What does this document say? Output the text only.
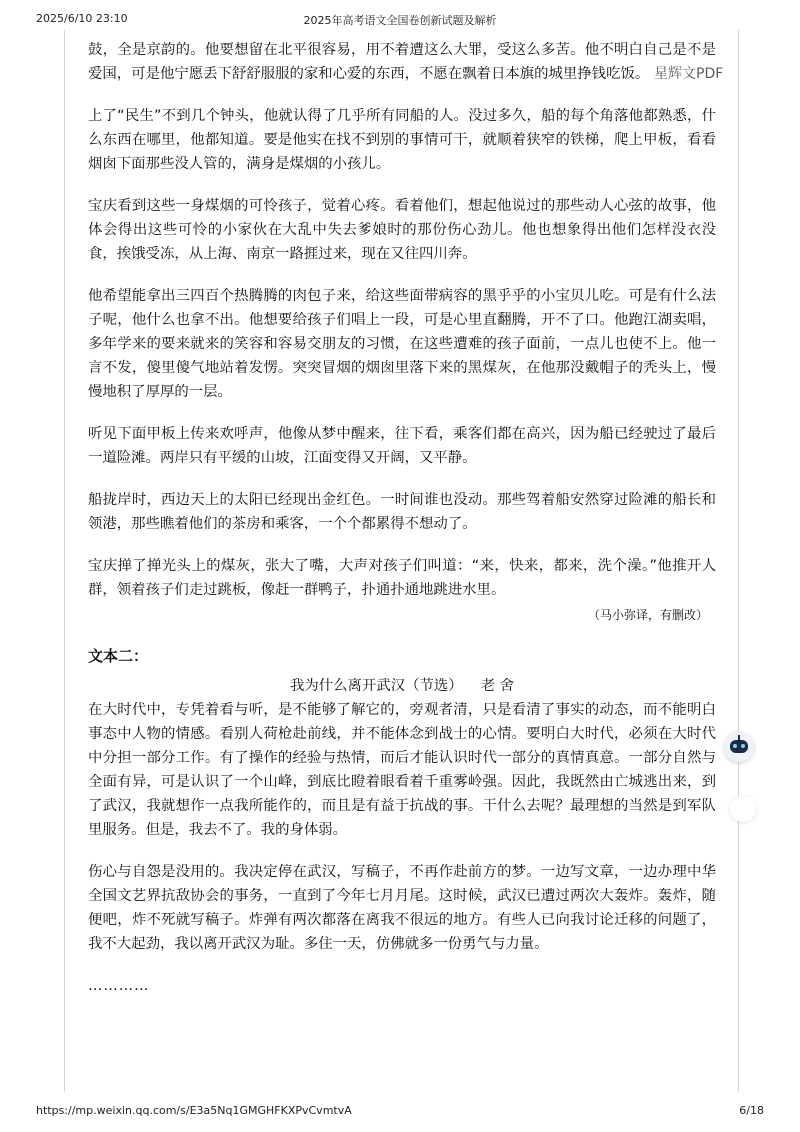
2025/6/10 23:10	2025年高考语文全国卷创新试题及解析
星辉文PDF

鼓，全是京韵的。他要想留在北平很容易，用不着遭这么大罪，受这么多苦。他不明白自己是不是爱国，可是他宁愿丢下舒舒服服的家和心爱的东西，不愿在飘着日本旗的城里挣钱吃饭。

上了“民生”不到几个钟头，他就认得了几乎所有同船的人。没过多久，船的每个角落他都熟悉，什么东西在哪里，他都知道。要是他实在找不到别的事情可干，就顺着狭窄的铁梯，爬上甲板，看看烟囱下面那些没人管的，满身是煤烟的小孩儿。

宝庆看到这些一身煤烟的可怜孩子，觉着心疼。看着他们，想起他说过的那些动人心弦的故事，他体会得出这些可怜的小家伙在大乱中失去爹娘时的那份伤心劲儿。他也想象得出他们怎样没衣没食，挨饿受冻，从上海、南京一路捱过来，现在又往四川奔。

他希望能拿出三四百个热腾腾的肉包子来，给这些面带病容的黑乎乎的小宝贝儿吃。可是有什么法子呢，他什么也拿不出。他想要给孩子们唱上一段，可是心里直翻腾，开不了口。他跑江湖卖唱，多年学来的要来就来的笑容和容易交朋友的习惯，在这些遭难的孩子面前，一点儿也使不上。他一言不发，傻里傻气地站着发愣。突突冒烟的烟囱里落下来的黑煤灰，在他那没戴帽子的秃头上，慢慢地积了厚厚的一层。

听见下面甲板上传来欢呼声，他像从梦中醒来，往下看，乘客们都在高兴，因为船已经驶过了最后一道险滩。两岸只有平缓的山坡，江面变得又开阔，又平静。

船拢岸时，西边天上的太阳已经现出金红色。一时间谁也没动。那些驾着船安然穿过险滩的船长和领港，那些瞧着他们的茶房和乘客，一个个都累得不想动了。

宝庆掸了掸光头上的煤灰，张大了嘴，大声对孩子们叫道：“来，快来，都来，洗个澡。”他推开人群，领着孩子们走过跳板，像赶一群鸭子，扑通扑通地跳进水里。

（马小弥译，有删改）
文本二：
我为什么离开武汉（节选） 老 舍

在大时代中，专凭着看与听，是不能够了解它的，旁观者清，只是看清了事实的动态，而不能明白事态中人物的情感。看别人荷枪赴前线，并不能体念到战士的心情。要明白大时代，必须在大时代中分担一部分工作。有了操作的经验与热情，而后才能认识时代一部分的真情真意。一部分自然与全面有异，可是认识了一个山峰，到底比瞪着眼看着千重雾岭强。因此，我既然由亡城逃出来，到了武汉，我就想作一点我所能作的，而且是有益于抗战的事。干什么去呢？最理想的当然是到军队里服务。但是，我去不了。我的身体弱。

伤心与自怨是没用的。我决定停在武汉，写稿子，不再作赴前方的梦。一边写文章，一边办理中华全国文艺界抗敌协会的事务，一直到了今年七月月尾。这时候，武汉已遭过两次大轰炸。轰炸，随便吧，炸不死就写稿子。炸弹有两次都落在离我不很远的地方。有些人已向我讨论迁移的问题了，我不大起劲，我以离开武汉为耻。多住一天，仿佛就多一份勇气与力量。

…………
https://mp.weixin.qq.com/s/E3a5Nq1GMGHFKXPvCvmtvA	6/18
